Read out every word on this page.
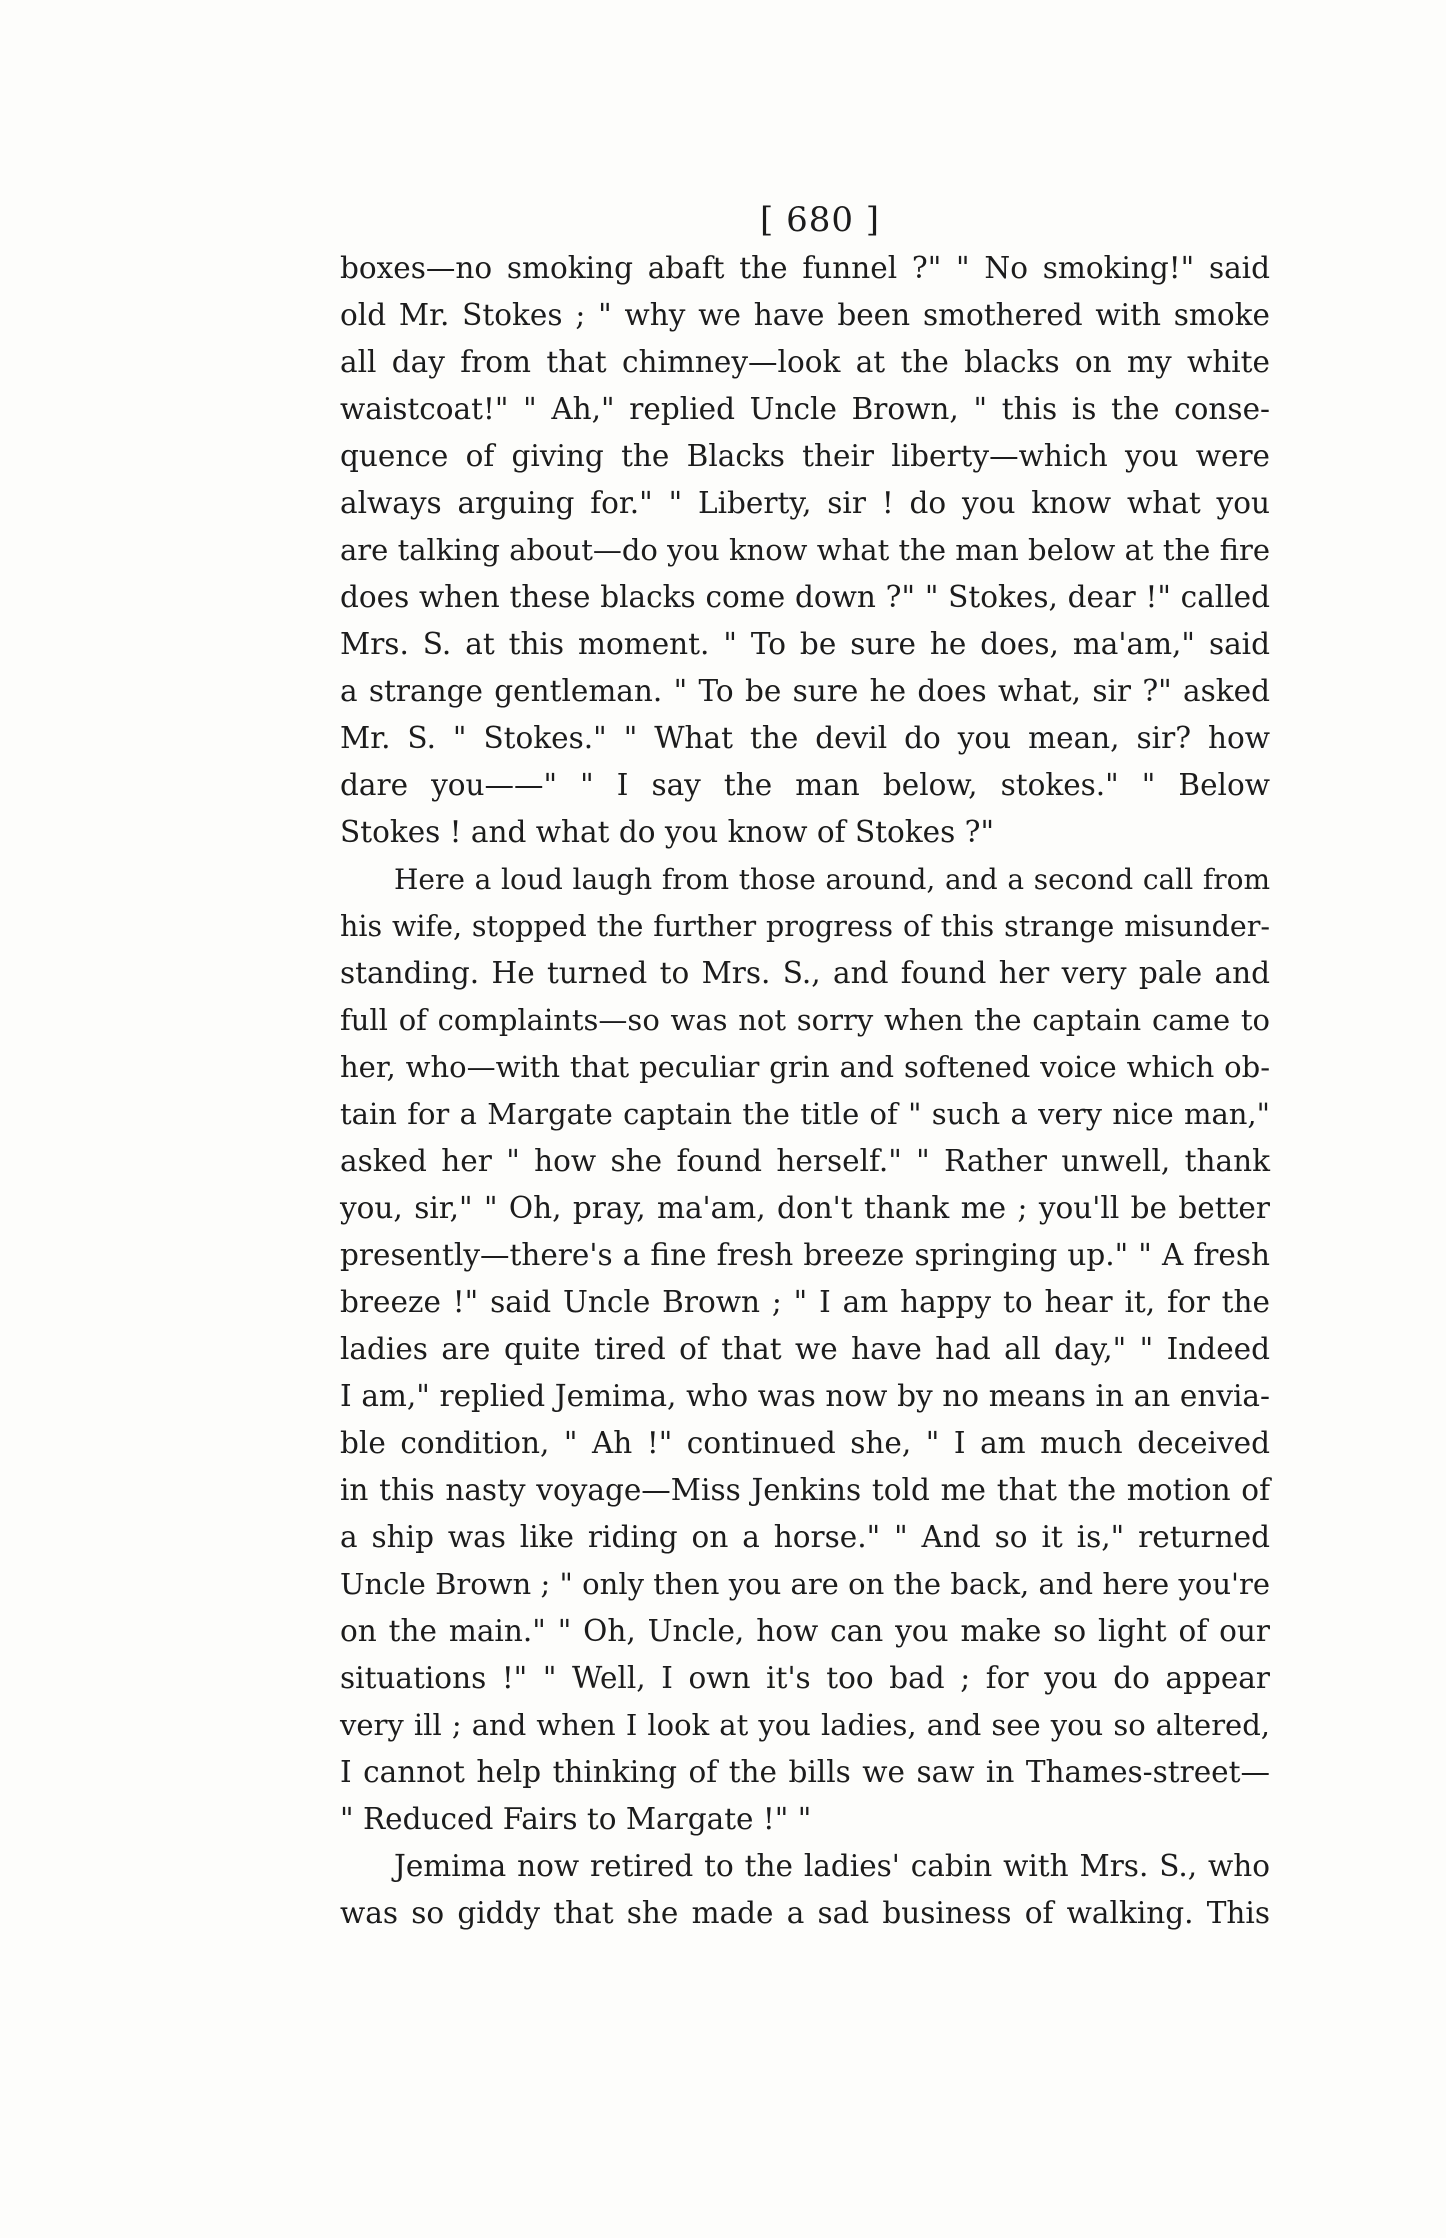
[ 680 ]
boxes—no smoking abaft the funnel ?" " No smoking!" said
old Mr. Stokes ; " why we have been smothered with smoke
all day from that chimney—look at the blacks on my white
waistcoat!" " Ah," replied Uncle Brown, " this is the conse-
quence of giving the Blacks their liberty—which you were
always arguing for." " Liberty, sir ! do you know what you
are talking about—do you know what the man below at the fire
does when these blacks come down ?" " Stokes, dear !" called
Mrs. S. at this moment. " To be sure he does, ma'am," said
a strange gentleman. " To be sure he does what, sir ?" asked
Mr. S. " Stokes." " What the devil do you mean, sir? how
dare you——" " I say the man below, stokes." " Below
Stokes ! and what do you know of Stokes ?"
Here a loud laugh from those around, and a second call from
his wife, stopped the further progress of this strange misunder-
standing. He turned to Mrs. S., and found her very pale and
full of complaints—so was not sorry when the captain came to
her, who—with that peculiar grin and softened voice which ob-
tain for a Margate captain the title of " such a very nice man,"
asked her " how she found herself." " Rather unwell, thank
you, sir," " Oh, pray, ma'am, don't thank me ; you'll be better
presently—there's a fine fresh breeze springing up." " A fresh
breeze !" said Uncle Brown ; " I am happy to hear it, for the
ladies are quite tired of that we have had all day," " Indeed
I am," replied Jemima, who was now by no means in an envia-
ble condition, " Ah !" continued she, " I am much deceived
in this nasty voyage—Miss Jenkins told me that the motion of
a ship was like riding on a horse." " And so it is," returned
Uncle Brown ; " only then you are on the back, and here you're
on the main." " Oh, Uncle, how can you make so light of our
situations !" " Well, I own it's too bad ; for you do appear
very ill ; and when I look at you ladies, and see you so altered,
I cannot help thinking of the bills we saw in Thames-street—
" Reduced Fairs to Margate !" "
Jemima now retired to the ladies' cabin with Mrs. S., who
was so giddy that she made a sad business of walking. This
